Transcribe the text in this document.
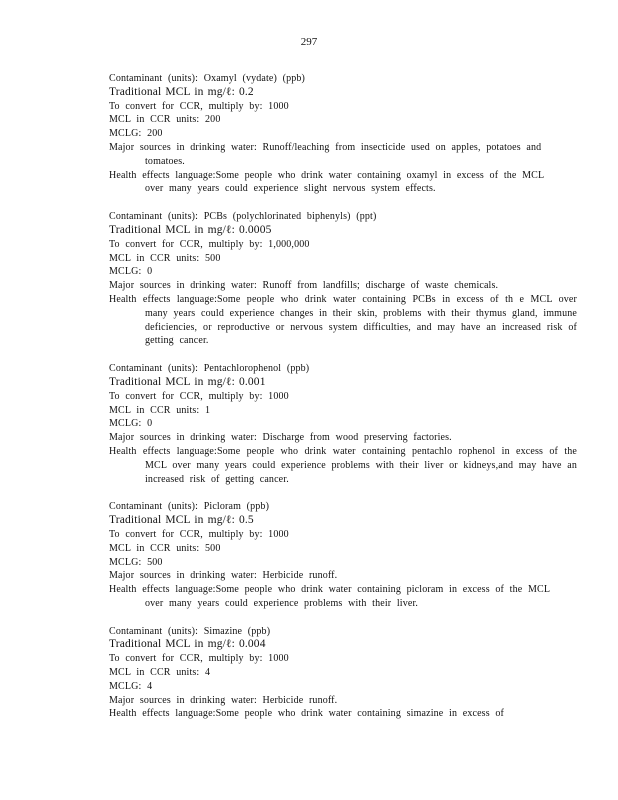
297
Contaminant (units): Oxamyl (vydate) (ppb)
Traditional MCL in mg/ℓ: 0.2
To convert for CCR, multiply by: 1000
MCL in CCR units: 200
MCLG: 200
Major sources in drinking water: Runoff/leaching from insecticide used on apples, potatoes and tomatoes.
Health effects language:Some people who drink water containing oxamyl in excess of the MCL over many years could experience slight nervous system effects.
Contaminant (units): PCBs (polychlorinated biphenyls) (ppt)
Traditional MCL in mg/ℓ: 0.0005
To convert for CCR, multiply by: 1,000,000
MCL in CCR units: 500
MCLG: 0
Major sources in drinking water: Runoff from landfills; discharge of waste chemicals.
Health effects language:Some people who drink water containing PCBs in excess of th e MCL over many years could experience changes in their skin, problems with their thymus gland, immune deficiencies, or reproductive or nervous system difficulties, and may have an increased risk of getting cancer.
Contaminant (units): Pentachlorophenol (ppb)
Traditional MCL in mg/ℓ: 0.001
To convert for CCR, multiply by: 1000
MCL in CCR units: 1
MCLG: 0
Major sources in drinking water: Discharge from wood preserving factories.
Health effects language:Some people who drink water containing pentachlo rophenol in excess of the MCL over many years could experience problems with their liver or kidneys,and may have an increased risk of getting cancer.
Contaminant (units): Picloram (ppb)
Traditional MCL in mg/ℓ: 0.5
To convert for CCR, multiply by: 1000
MCL in CCR units: 500
MCLG: 500
Major sources in drinking water: Herbicide runoff.
Health effects language:Some people who drink water containing picloram in excess of the MCL over many years could experience problems with their liver.
Contaminant (units): Simazine (ppb)
Traditional MCL in mg/ℓ: 0.004
To convert for CCR, multiply by: 1000
MCL in CCR units: 4
MCLG: 4
Major sources in drinking water: Herbicide runoff.
Health effects language:Some people who drink water containing simazine in excess of
